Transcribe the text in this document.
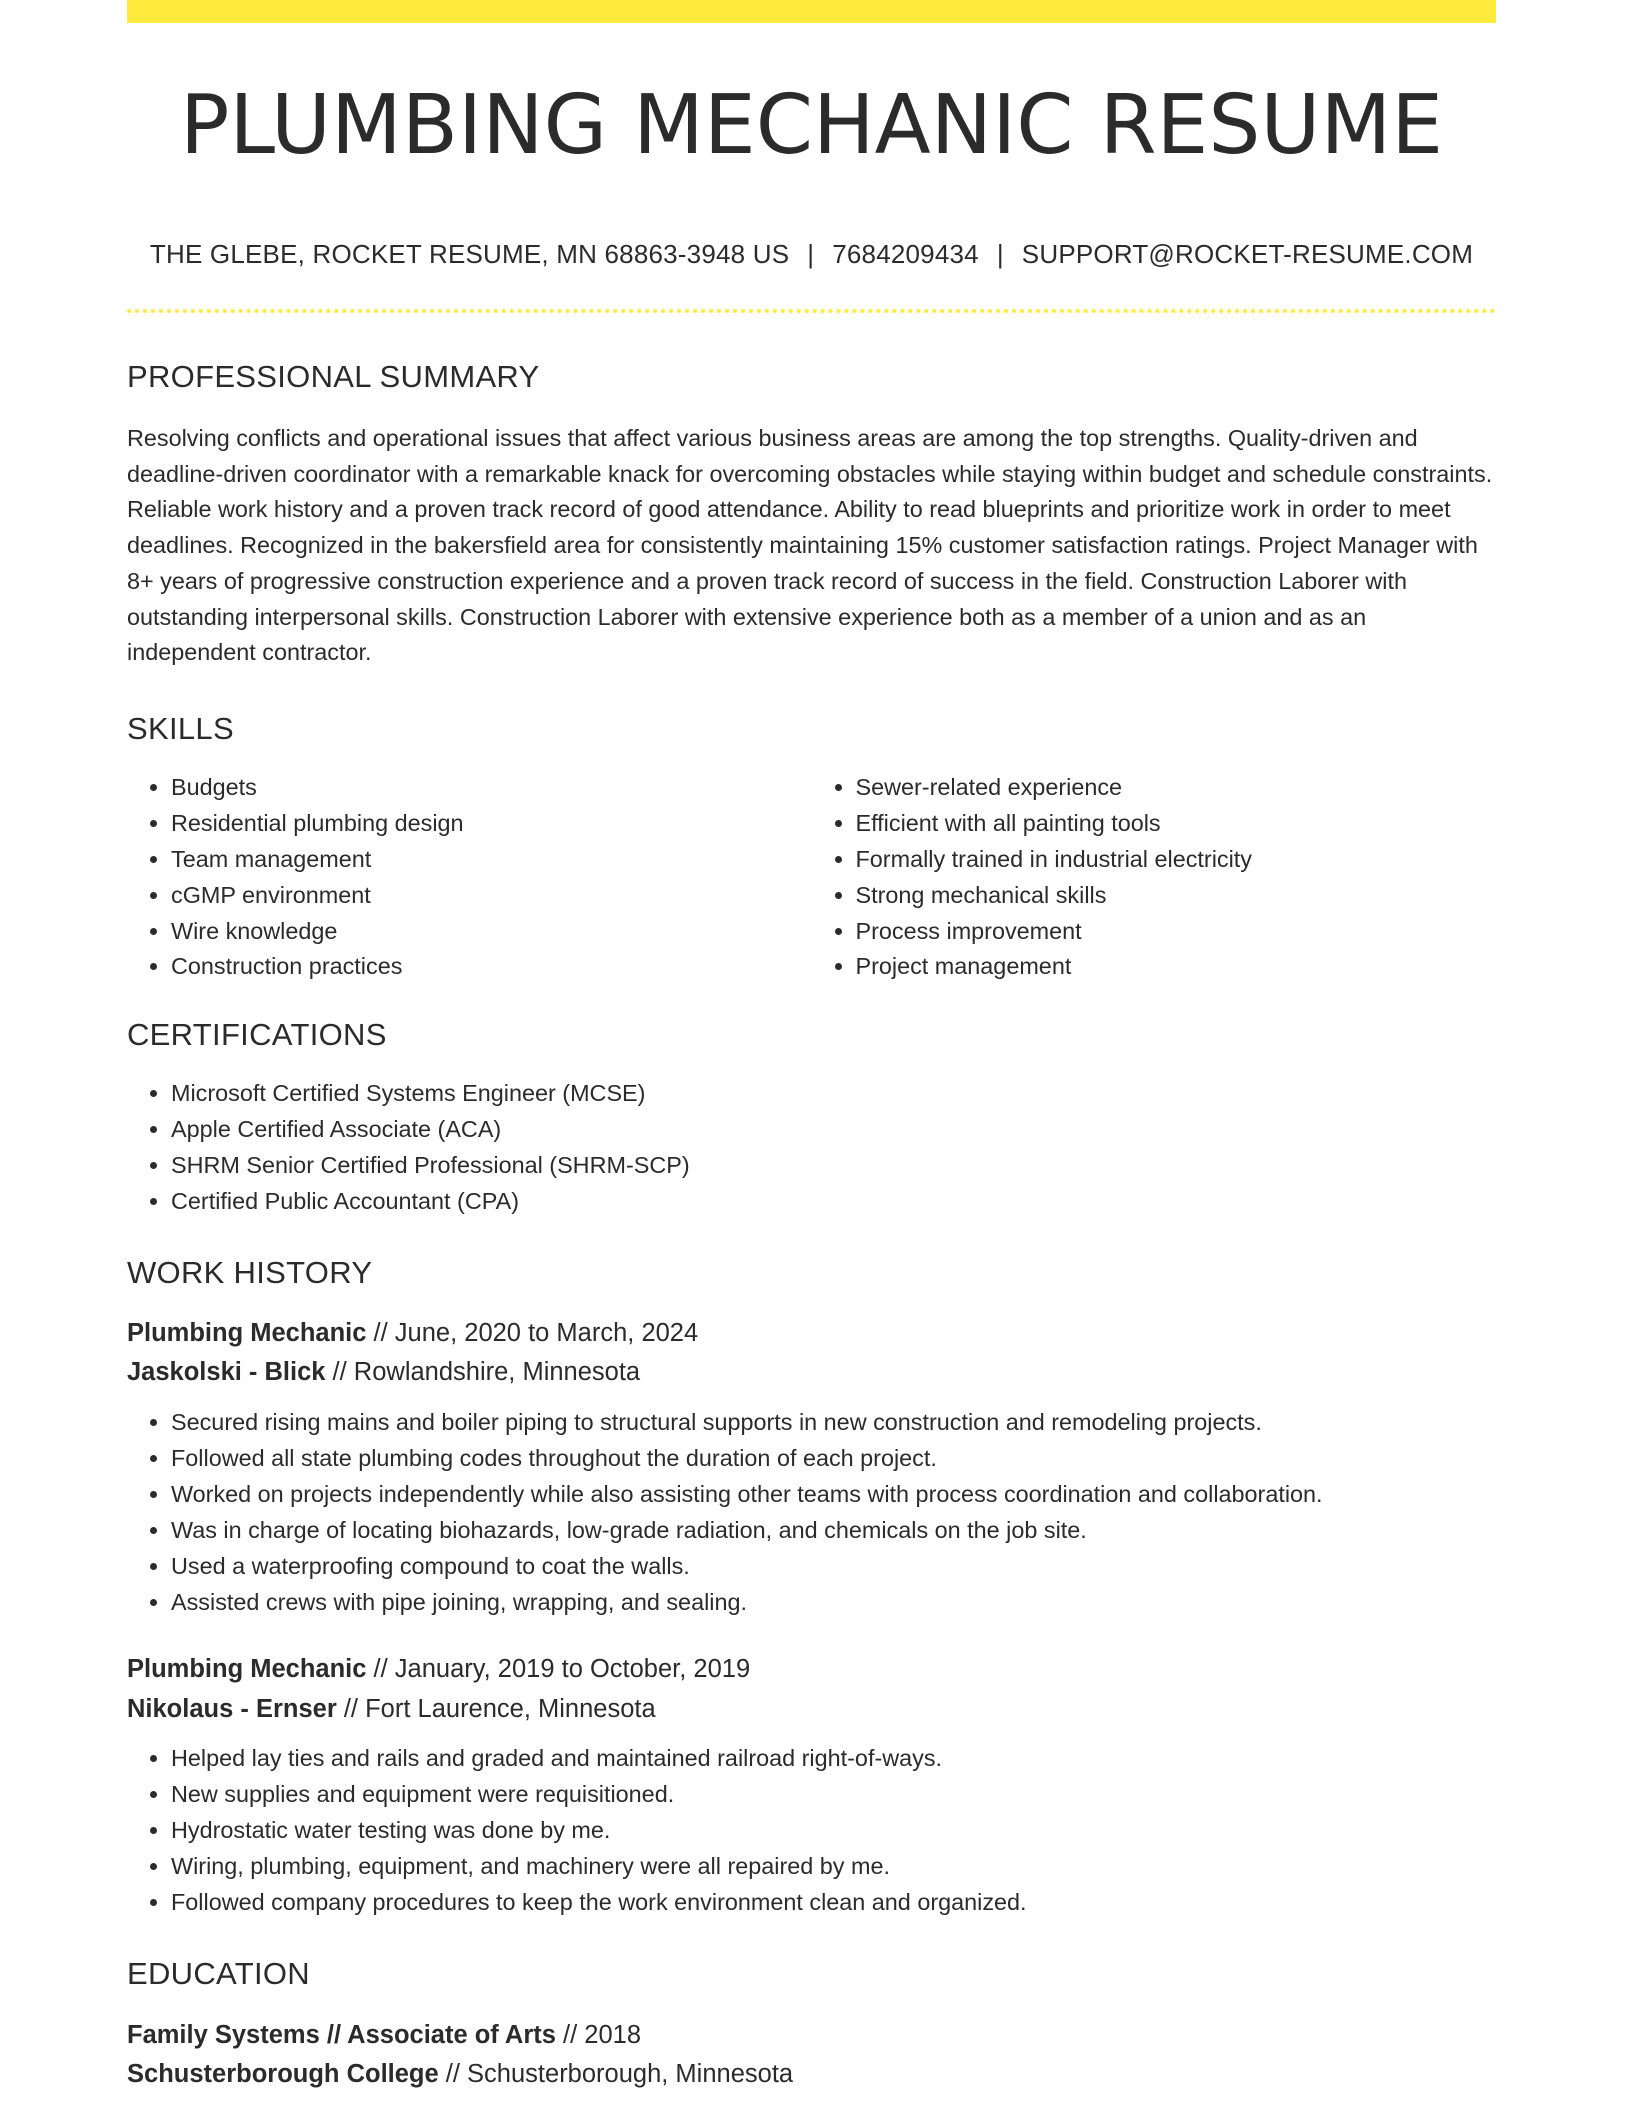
PLUMBING MECHANIC RESUME
THE GLEBE, ROCKET RESUME, MN 68863-3948 US | 7684209434 | SUPPORT@ROCKET-RESUME.COM
PROFESSIONAL SUMMARY
Resolving conflicts and operational issues that affect various business areas are among the top strengths. Quality-driven and deadline-driven coordinator with a remarkable knack for overcoming obstacles while staying within budget and schedule constraints. Reliable work history and a proven track record of good attendance. Ability to read blueprints and prioritize work in order to meet deadlines. Recognized in the bakersfield area for consistently maintaining 15% customer satisfaction ratings. Project Manager with 8+ years of progressive construction experience and a proven track record of success in the field. Construction Laborer with outstanding interpersonal skills. Construction Laborer with extensive experience both as a member of a union and as an independent contractor.
SKILLS
• Budgets
• Residential plumbing design
• Team management
• cGMP environment
• Wire knowledge
• Construction practices
• Sewer-related experience
• Efficient with all painting tools
• Formally trained in industrial electricity
• Strong mechanical skills
• Process improvement
• Project management
CERTIFICATIONS
• Microsoft Certified Systems Engineer (MCSE)
• Apple Certified Associate (ACA)
• SHRM Senior Certified Professional (SHRM-SCP)
• Certified Public Accountant (CPA)
WORK HISTORY
Plumbing Mechanic // June, 2020 to March, 2024
Jaskolski - Blick // Rowlandshire, Minnesota
• Secured rising mains and boiler piping to structural supports in new construction and remodeling projects.
• Followed all state plumbing codes throughout the duration of each project.
• Worked on projects independently while also assisting other teams with process coordination and collaboration.
• Was in charge of locating biohazards, low-grade radiation, and chemicals on the job site.
• Used a waterproofing compound to coat the walls.
• Assisted crews with pipe joining, wrapping, and sealing.
Plumbing Mechanic // January, 2019 to October, 2019
Nikolaus - Ernser // Fort Laurence, Minnesota
• Helped lay ties and rails and graded and maintained railroad right-of-ways.
• New supplies and equipment were requisitioned.
• Hydrostatic water testing was done by me.
• Wiring, plumbing, equipment, and machinery were all repaired by me.
• Followed company procedures to keep the work environment clean and organized.
EDUCATION
Family Systems // Associate of Arts // 2018
Schusterborough College // Schusterborough, Minnesota
